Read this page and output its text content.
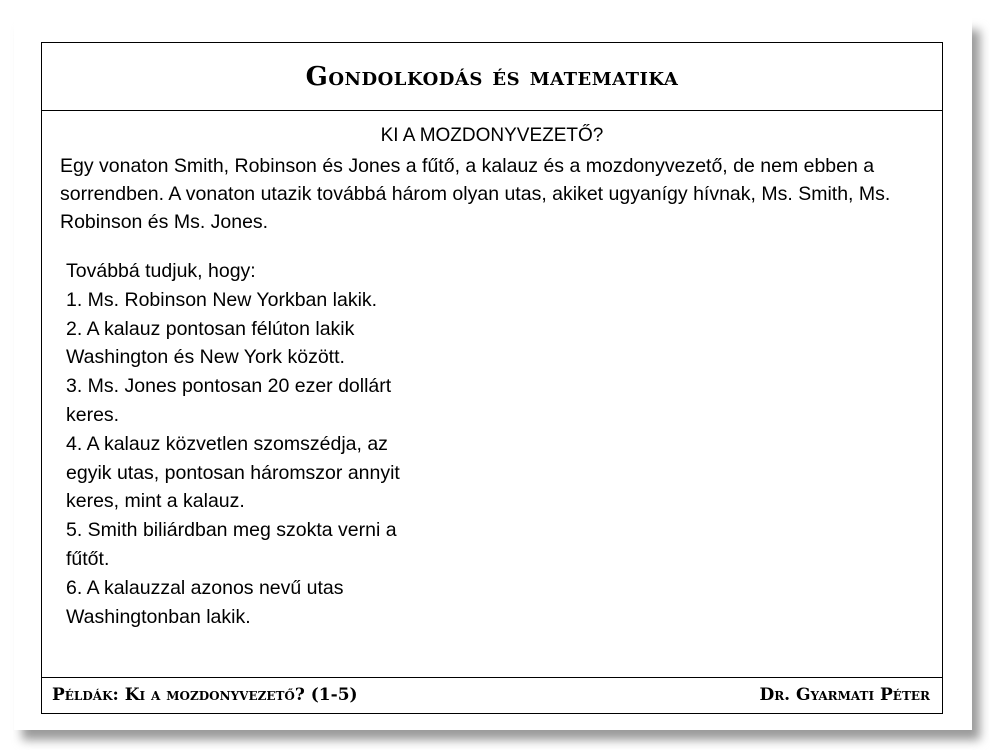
Gondolkodás és matematika
KI A MOZDONYVEZETŐ?

Egy vonaton Smith, Robinson és Jones a fűtő, a kalauz és a mozdonyvezető, de nem ebben a sorrendben. A vonaton utazik továbbá három olyan utas, akiket ugyanígy hívnak, Ms. Smith, Ms. Robinson és Ms. Jones.

Továbbá tudjuk, hogy:
1. Ms. Robinson New Yorkban lakik.
2. A kalauz pontosan félúton lakik
Washington és New York között.
3. Ms. Jones pontosan 20 ezer dollárt
keres.
4. A kalauz közvetlen szomszédja, az
egyik utas, pontosan háromszor annyit
keres, mint a kalauz.
5. Smith biliárdban meg szokta verni a
fűtőt.
6. A kalauzzal azonos nevű utas
Washingtonban lakik.
Példák: Ki a mozdonyvezető? (1-5)	Dr. Gyarmati Péter
